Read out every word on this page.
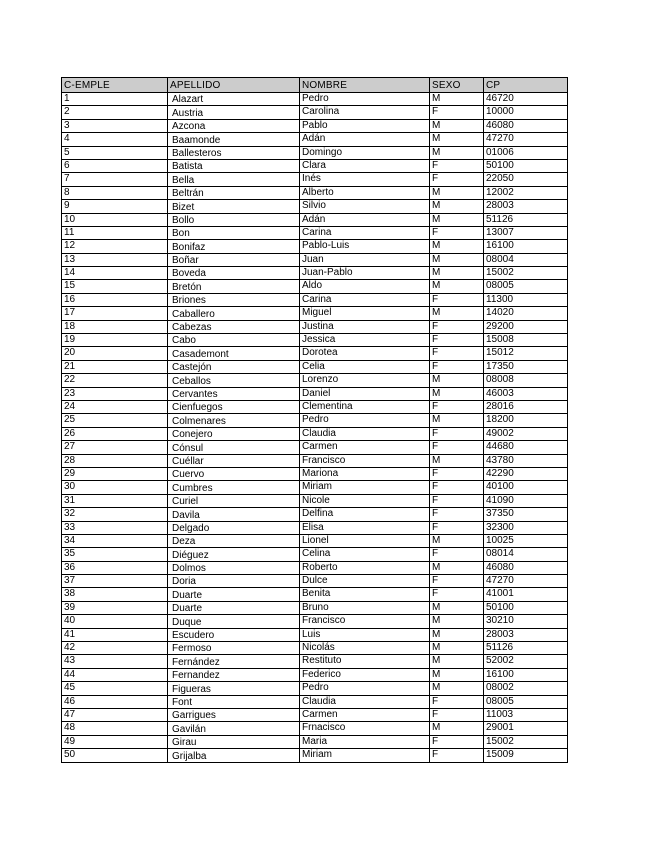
C-EMPLE	APELLIDO	NOMBRE	SEXO	CP
1	Alazart	Pedro	M	46720
2	Austria	Carolina	F	10000
3	Azcona	Pablo	M	46080
4	Baamonde	Adán	M	47270
5	Ballesteros	Domingo	M	01006
6	Batista	Clara	F	50100
7	Bella	Inés	F	22050
8	Beltrán	Alberto	M	12002
9	Bizet	Silvio	M	28003
10	Bollo	Adán	M	51126
11	Bon	Carina	F	13007
12	Bonifaz	Pablo-Luis	M	16100
13	Boñar	Juan	M	08004
14	Boveda	Juan-Pablo	M	15002
15	Bretón	Aldo	M	08005
16	Briones	Carina	F	11300
17	Caballero	Miguel	M	14020
18	Cabezas	Justina	F	29200
19	Cabo	Jessica	F	15008
20	Casademont	Dorotea	F	15012
21	Castejón	Celia	F	17350
22	Ceballos	Lorenzo	M	08008
23	Cervantes	Daniel	M	46003
24	Cienfuegos	Clementina	F	28016
25	Colmenares	Pedro	M	18200
26	Conejero	Claudia	F	49002
27	Cónsul	Carmen	F	44680
28	Cuéllar	Francisco	M	43780
29	Cuervo	Mariona	F	42290
30	Cumbres	Miriam	F	40100
31	Curiel	Nicole	F	41090
32	Davila	Delfina	F	37350
33	Delgado	Elisa	F	32300
34	Deza	Lionel	M	10025
35	Diéguez	Celina	F	08014
36	Dolmos	Roberto	M	46080
37	Doria	Dulce	F	47270
38	Duarte	Benita	F	41001
39	Duarte	Bruno	M	50100
40	Duque	Francisco	M	30210
41	Escudero	Luis	M	28003
42	Fermoso	Nicolás	M	51126
43	Fernández	Restituto	M	52002
44	Fernandez	Federico	M	16100
45	Figueras	Pedro	M	08002
46	Font	Claudia	F	08005
47	Garrigues	Carmen	F	11003
48	Gavilán	Frnacisco	M	29001
49	Girau	Maria	F	15002
50	Grijalba	Miriam	F	15009
